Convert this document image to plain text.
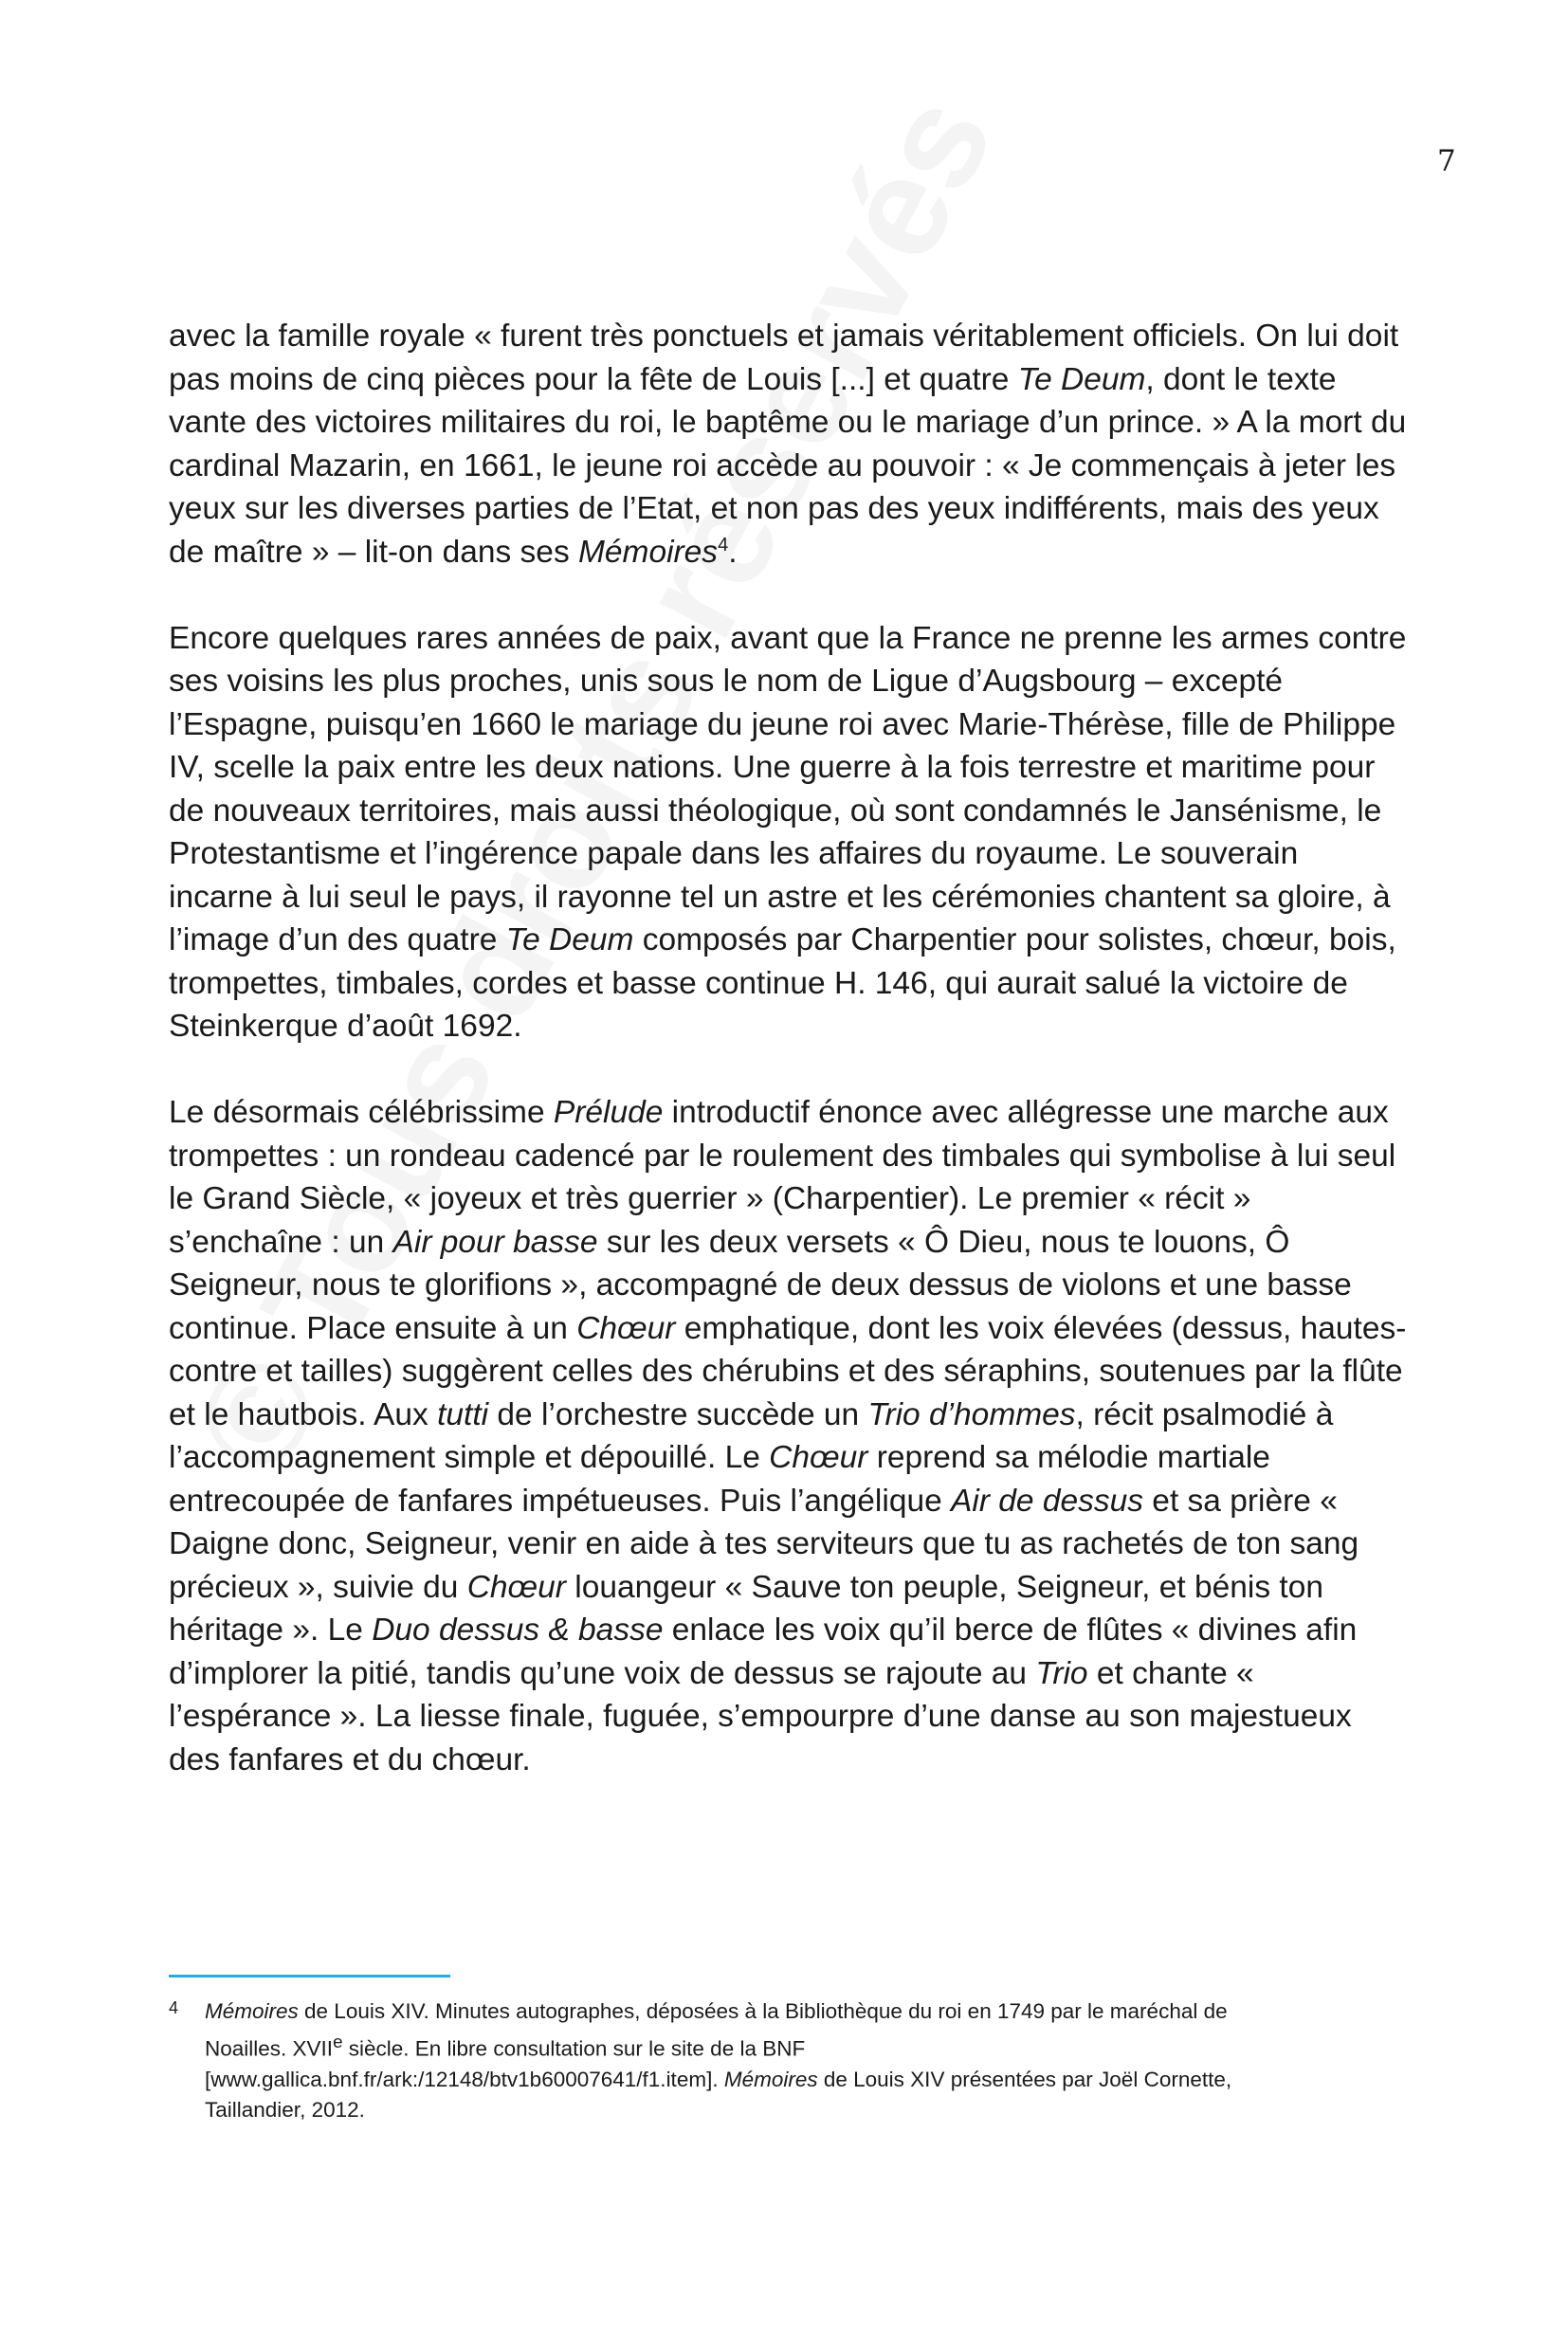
7

avec la famille royale « furent très ponctuels et jamais véritablement officiels. On lui doit pas moins de cinq pièces pour la fête de Louis [...] et quatre Te Deum, dont le texte vante des victoires militaires du roi, le baptême ou le mariage d’un prince. » A la mort du cardinal Mazarin, en 1661, le jeune roi accède au pouvoir : « Je commençais à jeter les yeux sur les diverses parties de l’Etat, et non pas des yeux indifférents, mais des yeux de maître » – lit-on dans ses Mémoires$^4$.

Encore quelques rares années de paix, avant que la France ne prenne les armes contre ses voisins les plus proches, unis sous le nom de Ligue d’Augsbourg – excepté l’Espagne, puisqu’en 1660 le mariage du jeune roi avec Marie-Thérèse, fille de Philippe IV, scelle la paix entre les deux nations. Une guerre à la fois terrestre et maritime pour de nouveaux territoires, mais aussi théologique, où sont condamnés le Jansénisme, le Protestantisme et l’ingérence papale dans les affaires du royaume. Le souverain incarne à lui seul le pays, il rayonne tel un astre et les cérémonies chantent sa gloire, à l’image d’un des quatre Te Deum composés par Charpentier pour solistes, chœur, bois, trompettes, timbales, cordes et basse continue H. 146, qui aurait salué la victoire de Steinkerque d’août 1692.

Le désormais célébrissime Prélude introductif énonce avec allégresse une marche aux trompettes : un rondeau cadencé par le roulement des timbales qui symbolise à lui seul le Grand Siècle, « joyeux et très guerrier » (Charpentier). Le premier « récit » s’enchaîne : un Air pour basse sur les deux versets « Ô Dieu, nous te louons, Ô Seigneur, nous te glorifions », accompagné de deux dessus de violons et une basse continue. Place ensuite à un Chœur emphatique, dont les voix élevées (dessus, hautes-contre et tailles) suggèrent celles des chérubins et des séraphins, soutenues par la flûte et le hautbois. Aux tutti de l’orchestre succède un Trio d’hommes, récit psalmodié à l’accompagnement simple et dépouillé. Le Chœur reprend sa mélodie martiale entrecoupée de fanfares impétueuses. Puis l’angélique Air de dessus et sa prière « Daigne donc, Seigneur, venir en aide à tes serviteurs que tu as rachetés de ton sang précieux », suivie du Chœur louangeur « Sauve ton peuple, Seigneur, et bénis ton héritage ». Le Duo dessus & basse enlace les voix qu’il berce de flûtes « divines afin d’implorer la pitié, tandis qu’une voix de dessus se rajoute au Trio et chante « l’espérance ». La liesse finale, fuguée, s’empourpre d’une danse au son majestueux des fanfares et du chœur.

4 Mémoires de Louis XIV. Minutes autographes, déposées à la Bibliothèque du roi en 1749 par le maréchal de Noailles. XVIIe siècle. En libre consultation sur le site de la BNF [www.gallica.bnf.fr/ark:/12148/btv1b60007641/f1.item]. Mémoires de Louis XIV présentées par Joël Cornette, Taillandier, 2012.
